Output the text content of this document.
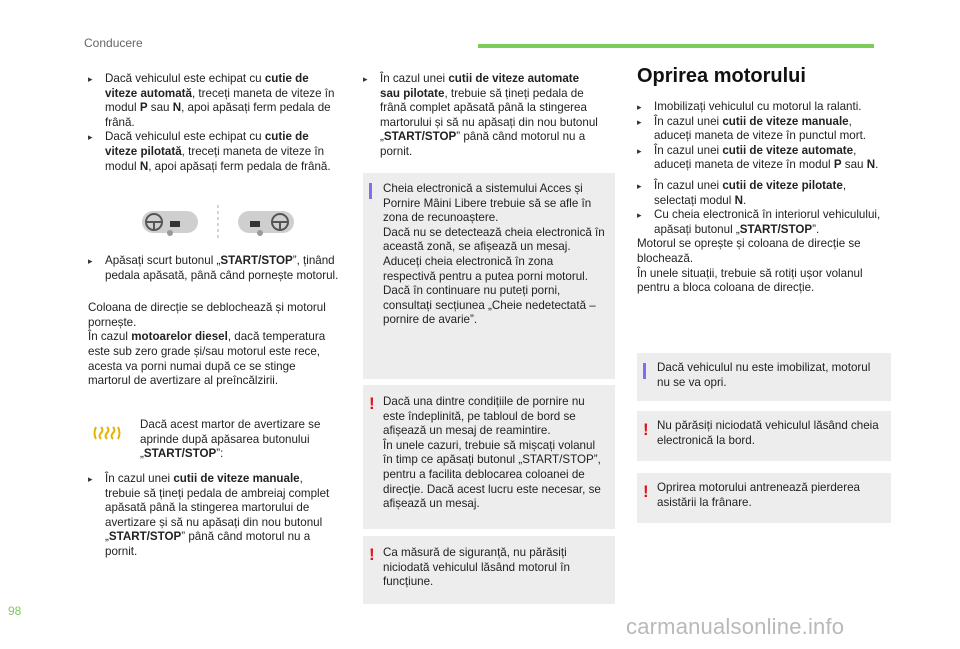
Conducere
▸ Dacă vehiculul este echipat cu cutie de viteze automată, treceți maneta de viteze în modul P sau N, apoi apăsați ferm pedala de frână.
▸ Dacă vehiculul este echipat cu cutie de viteze pilotată, treceți maneta de viteze în modul N, apoi apăsați ferm pedala de frână.
▸ Apăsați scurt butonul „START/STOP”, ținând pedala apăsată, până când pornește motorul.

Coloana de direcție se deblochează și motorul pornește.

În cazul motoarelor diesel, dacă temperatura este sub zero grade și/sau motorul este rece, acesta va porni numai după ce se stinge martorul de avertizare al preîncălzirii.

Dacă acest martor de avertizare se aprinde după apăsarea butonului „START/STOP”:
▸ În cazul unei cutii de viteze manuale, trebuie să țineți pedala de ambreiaj complet apăsată până la stingerea martorului de avertizare și să nu apăsați din nou butonul „START/STOP” până când motorul nu a pornit.
▸ În cazul unei cutii de viteze automate sau pilotate, trebuie să țineți pedala de frână complet apăsată până la stingerea martorului și să nu apăsați din nou butonul „START/STOP” până când motorul nu a pornit.

Cheia electronică a sistemului Acces și Pornire Mâini Libere trebuie să se afle în zona de recunoaștere.

Dacă nu se detectează cheia electronică în această zonă, se afișează un mesaj.

Aduceți cheia electronică în zona respectivă pentru a putea porni motorul.

Dacă în continuare nu puteți porni, consultați secțiunea „Cheie nedetectată – pornire de avarie”.

! Dacă una dintre condițiile de pornire nu este îndeplinită, pe tabloul de bord se afișează un mesaj de reamintire.

În unele cazuri, trebuie să mișcați volanul în timp ce apăsați butonul „START/STOP”, pentru a facilita deblocarea coloanei de direcție. Dacă acest lucru este necesar, se afișează un mesaj.

! Ca măsură de siguranță, nu părăsiți niciodată vehiculul lăsând motorul în funcțiune.
Oprirea motorului
▸ Imobilizați vehiculul cu motorul la ralanti.
▸ În cazul unei cutii de viteze manuale, aduceți maneta de viteze în punctul mort.
▸ În cazul unei cutii de viteze automate, aduceți maneta de viteze în modul P sau N.
▸ În cazul unei cutii de viteze pilotate, selectați modul N.
▸ Cu cheia electronică în interiorul vehiculului, apăsați butonul „START/STOP”.

Motorul se oprește și coloana de direcție se blochează.

În unele situații, trebuie să rotiți ușor volanul pentru a bloca coloana de direcție.

Dacă vehiculul nu este imobilizat, motorul nu se va opri.
! Nu părăsiți niciodată vehiculul lăsând cheia electronică la bord.
! Oprirea motorului antrenează pierderea asistării la frânare.
98
carmanualsonline.info
